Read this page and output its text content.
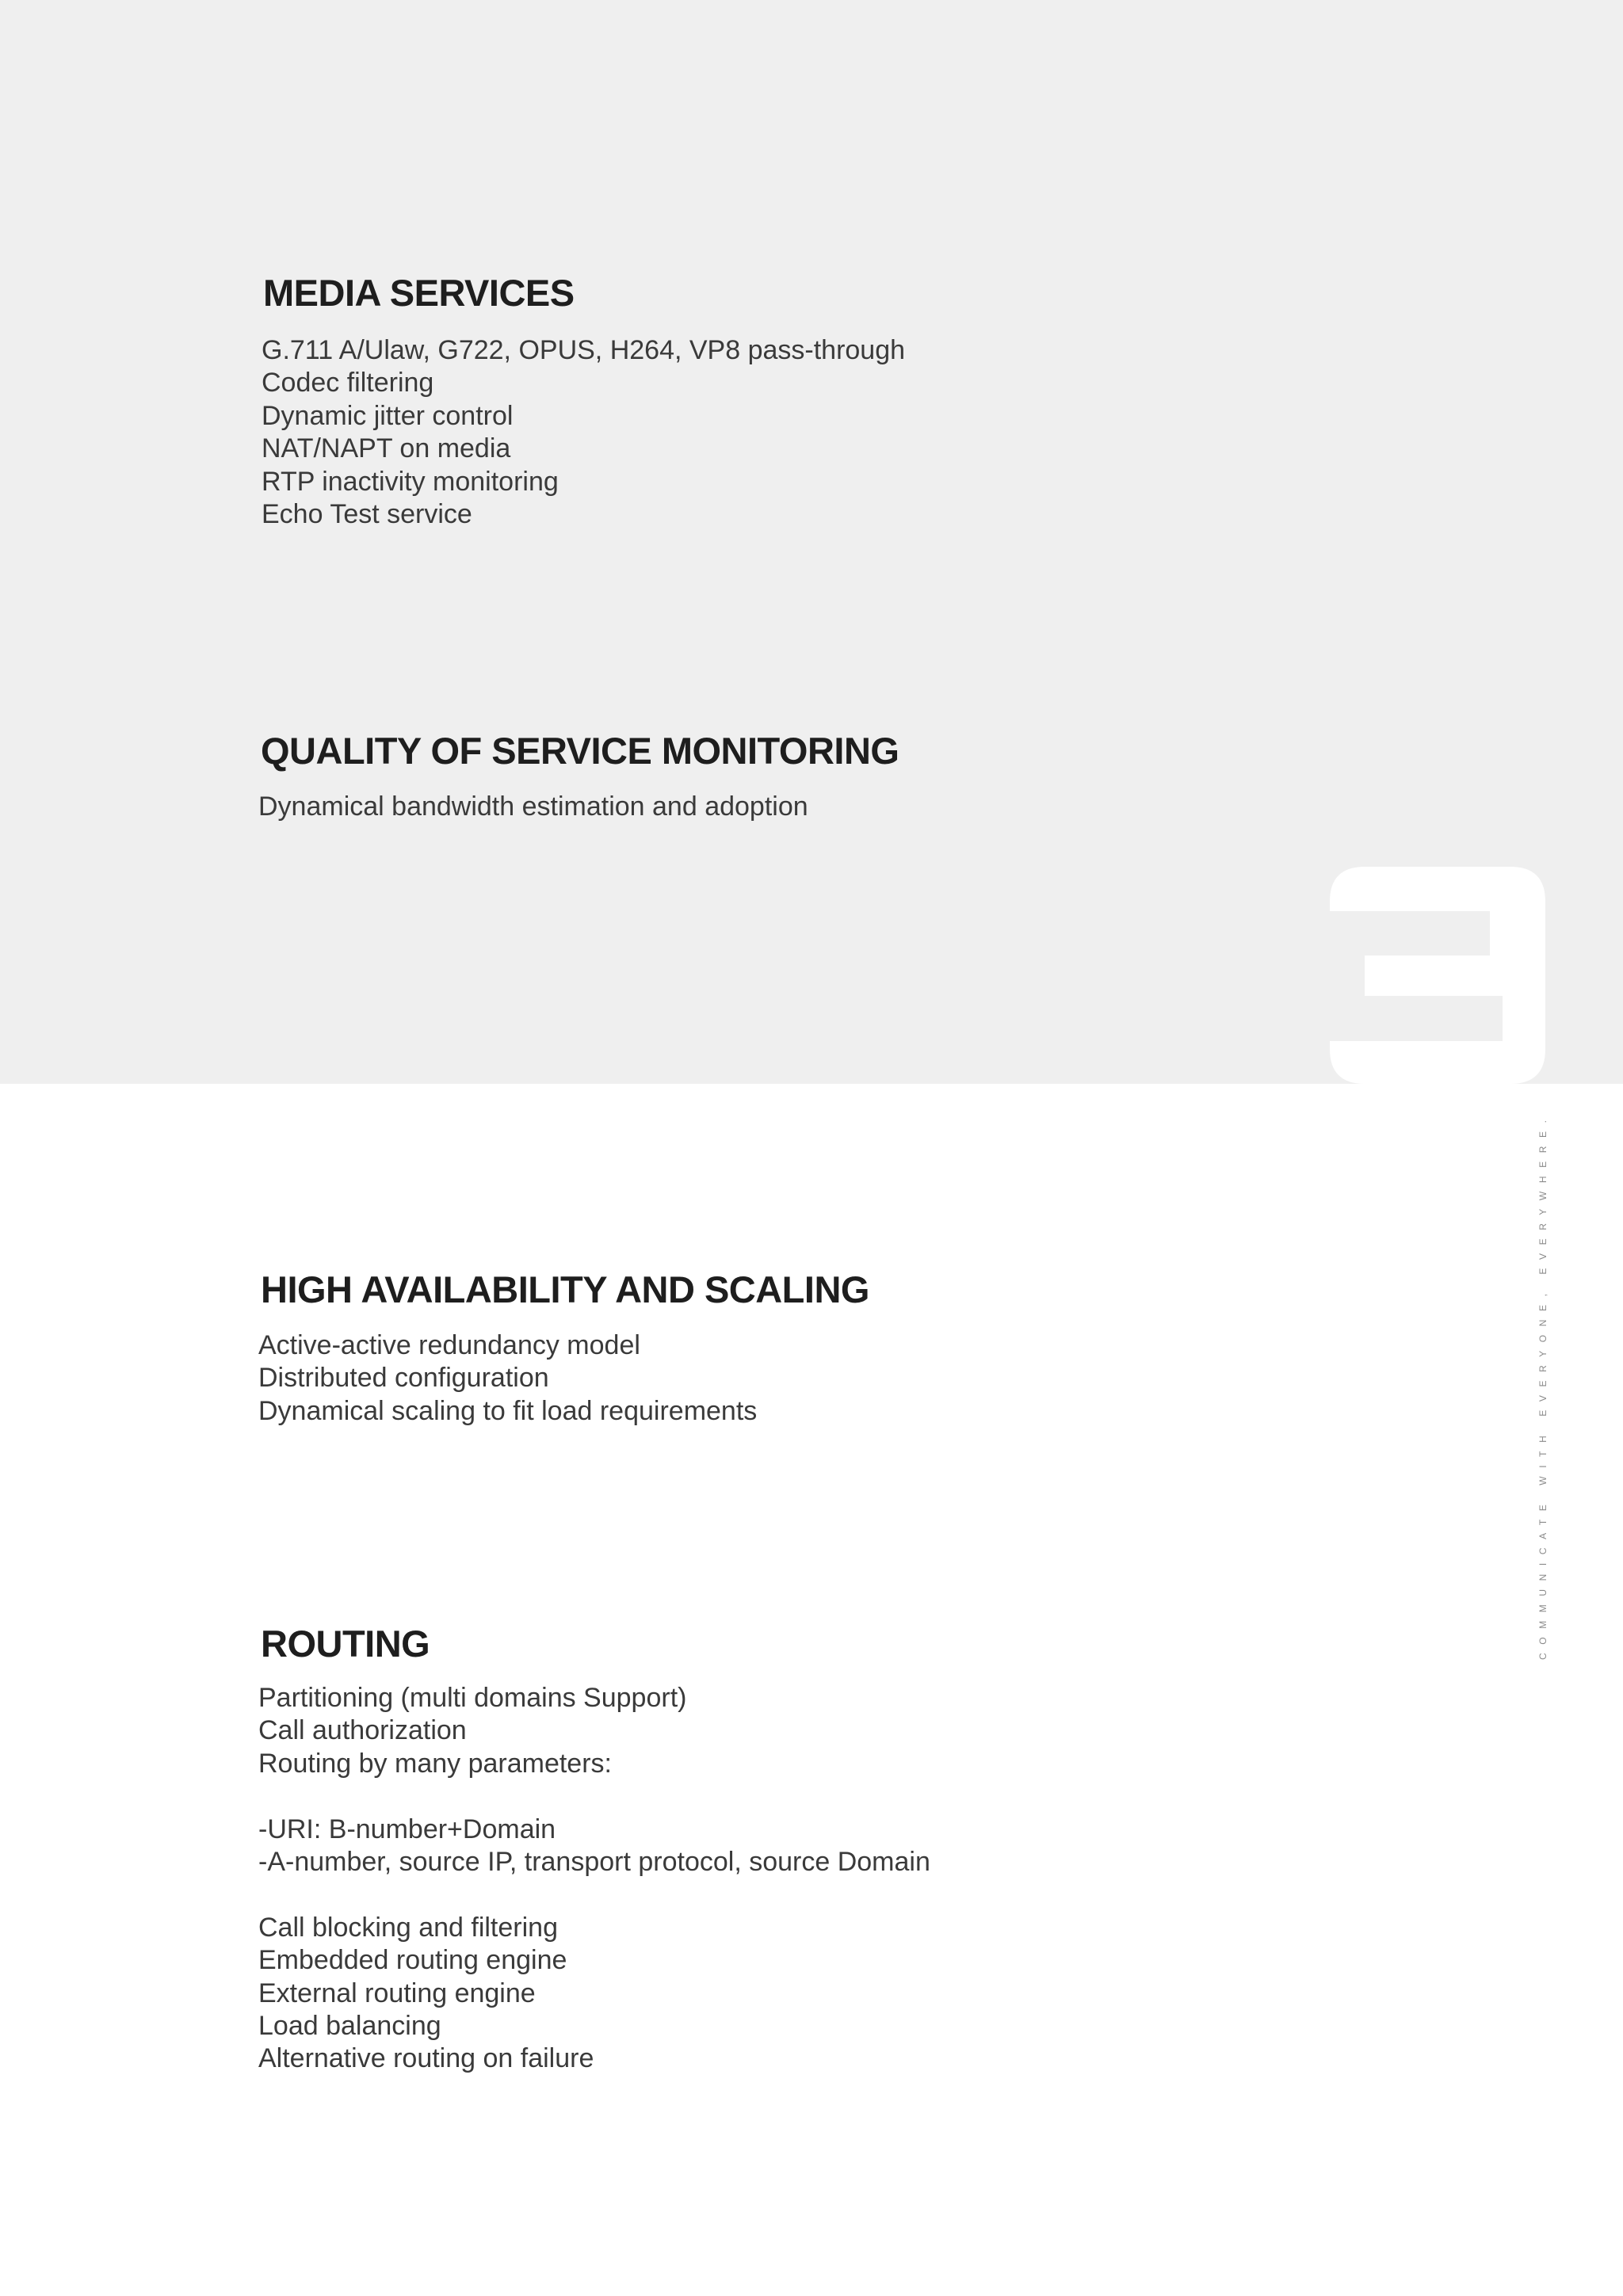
MEDIA SERVICES
G.711 A/Ulaw, G722, OPUS, H264, VP8 pass-through
Codec filtering
Dynamic jitter control
NAT/NAPT on media
RTP inactivity monitoring
Echo Test service
QUALITY OF SERVICE MONITORING
Dynamical bandwidth estimation and adoption
HIGH AVAILABILITY AND SCALING
Active-active redundancy model
Distributed configuration
Dynamical scaling to fit load requirements
ROUTING
Partitioning (multi domains Support)
Call authorization
Routing by many parameters:
-URI: B-number+Domain
-A-number, source IP, transport protocol, source Domain
Call blocking and filtering
Embedded routing engine
External routing engine
Load balancing
Alternative routing on failure
COMMUNICATE WITH EVERYONE, EVERYWHERE.
